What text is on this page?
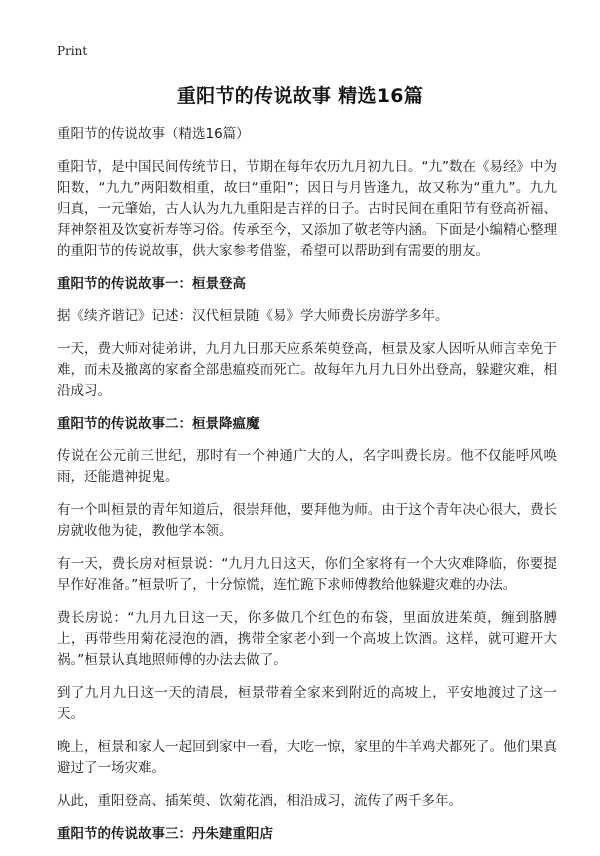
Print
重阳节的传说故事 精选16篇

重阳节的传说故事（精选16篇）

重阳节，是中国民间传统节日，节期在每年农历九月初九日。“九”数在《易经》中为阳数，“九九”两阳数相重，故曰“重阳”；因日与月皆逢九，故又称为“重九”。九九归真，一元肇始，古人认为九九重阳是吉祥的日子。古时民间在重阳节有登高祈福、拜神祭祖及饮宴祈寿等习俗。传承至今，又添加了敬老等内涵。下面是小编精心整理的重阳节的传说故事，供大家参考借鉴，希望可以帮助到有需要的朋友。

重阳节的传说故事一：桓景登高

据《续齐谐记》记述：汉代桓景随《易》学大师费长房游学多年。

一天，费大师对徒弟讲，九月九日那天应系茱萸登高，桓景及家人因听从师言幸免于难，而未及撤离的家畜全部患瘟疫而死亡。故每年九月九日外出登高，躲避灾难，相沿成习。

重阳节的传说故事二：桓景降瘟魔

传说在公元前三世纪，那时有一个神通广大的人，名字叫费长房。他不仅能呼风唤雨，还能遣神捉鬼。

有一个叫桓景的青年知道后，很崇拜他，要拜他为师。由于这个青年决心很大，费长房就收他为徒，教他学本领。

有一天，费长房对桓景说：“九月九日这天，你们全家将有一个大灾难降临，你要提早作好准备。”桓景听了，十分惊慌，连忙跪下求师傅教给他躲避灾难的办法。

费长房说：“九月九日这一天，你多做几个红色的布袋，里面放进茱萸，缠到胳膊上，再带些用菊花浸泡的酒，携带全家老小到一个高坡上饮酒。这样，就可避开大祸。”桓景认真地照师傅的办法去做了。

到了九月九日这一天的清晨，桓景带着全家来到附近的高坡上，平安地渡过了这一天。

晚上，桓景和家人一起回到家中一看，大吃一惊，家里的牛羊鸡犬都死了。他们果真避过了一场灾难。

从此，重阳登高、插茱萸、饮菊花酒，相沿成习，流传了两千多年。

重阳节的传说故事三：丹朱建重阳店
